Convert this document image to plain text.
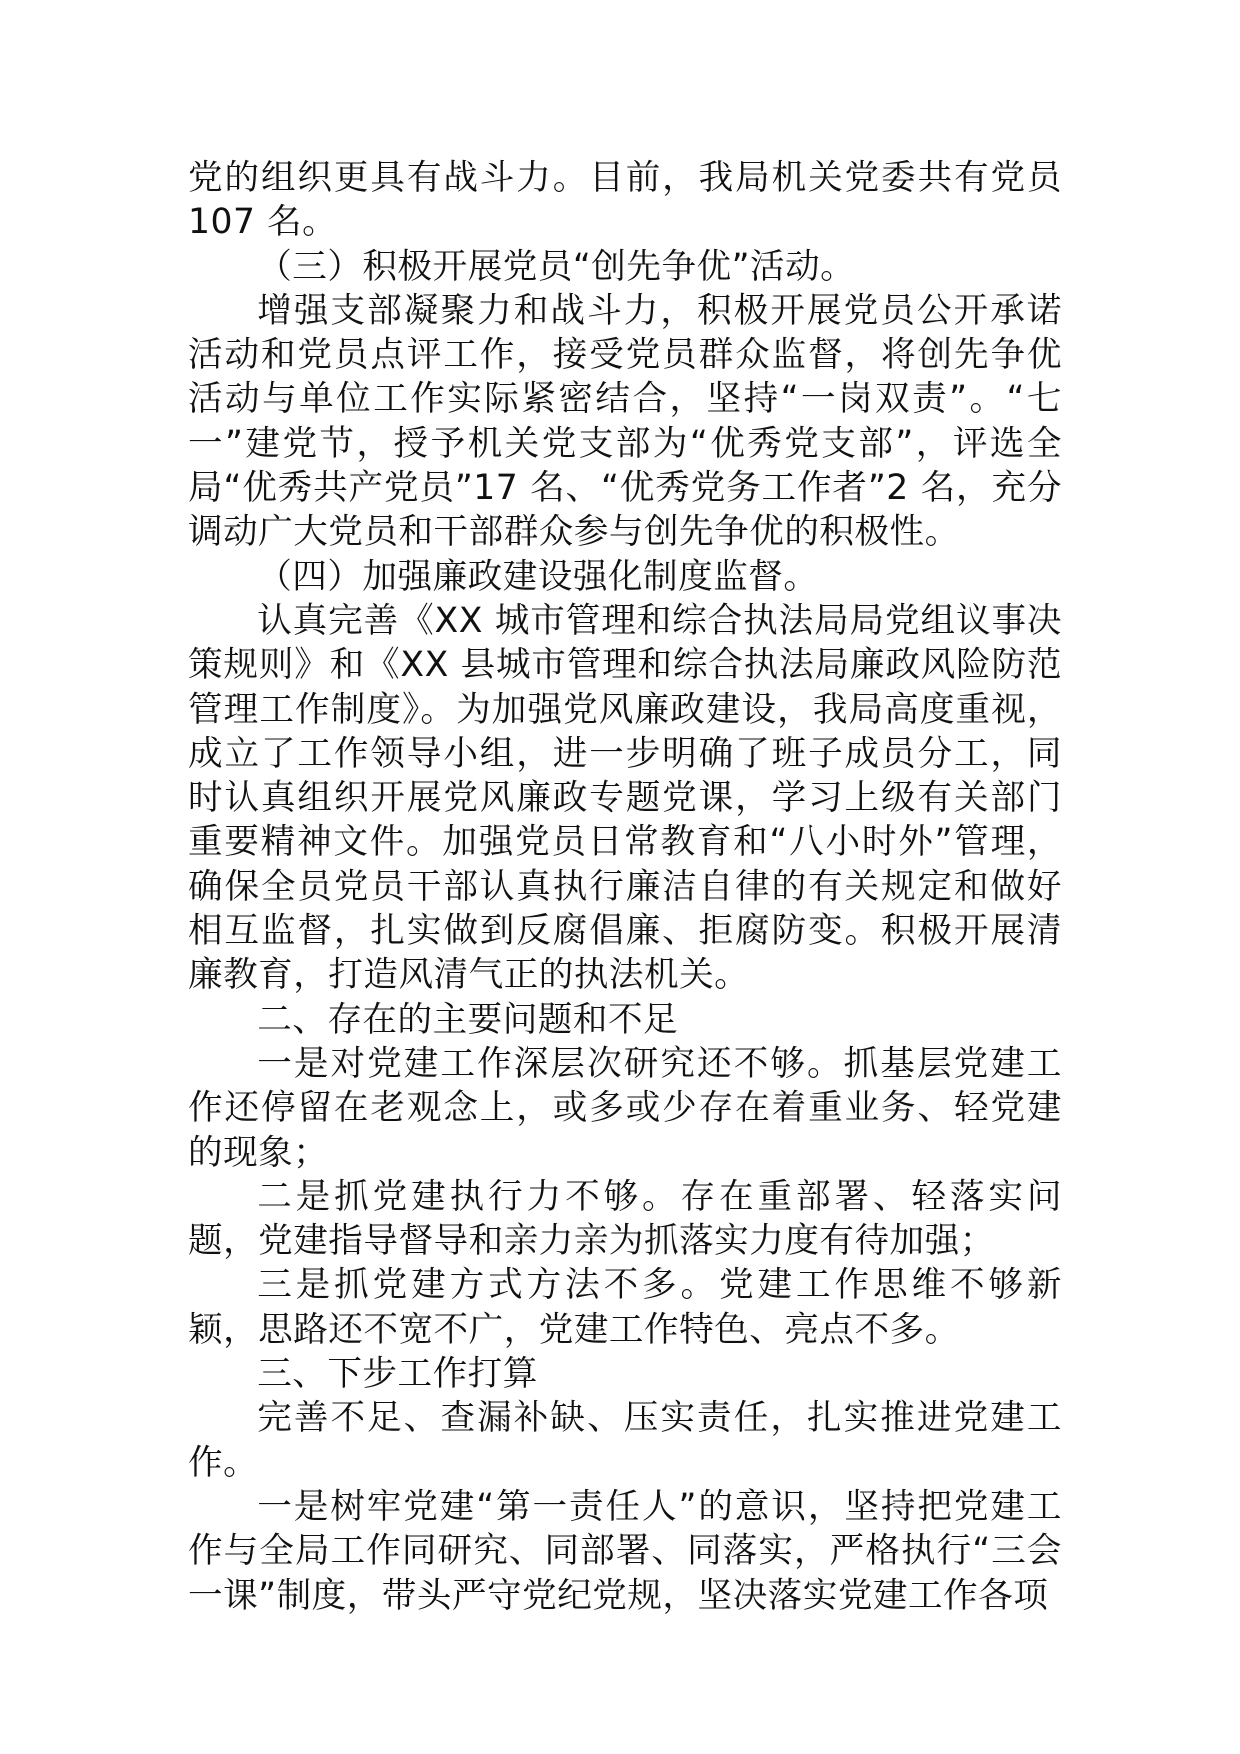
党的组织更具有战斗力。目前，我局机关党委共有党员 107 名。

（三）积极开展党员“创先争优”活动。

增强支部凝聚力和战斗力，积极开展党员公开承诺活动和党员点评工作，接受党员群众监督，将创先争优活动与单位工作实际紧密结合，坚持“一岗双责”。“七一”建党节，授予机关党支部为“优秀党支部”，评选全局“优秀共产党员”17 名、“优秀党务工作者”2 名，充分调动广大党员和干部群众参与创先争优的积极性。

（四）加强廉政建设强化制度监督。

认真完善《XX 城市管理和综合执法局局党组议事决策规则》和《XX 县城市管理和综合执法局廉政风险防范管理工作制度》。为加强党风廉政建设，我局高度重视，成立了工作领导小组，进一步明确了班子成员分工，同时认真组织开展党风廉政专题党课，学习上级有关部门重要精神文件。加强党员日常教育和“八小时外”管理，确保全员党员干部认真执行廉洁自律的有关规定和做好相互监督，扎实做到反腐倡廉、拒腐防变。积极开展清廉教育，打造风清气正的执法机关。

二、存在的主要问题和不足

一是对党建工作深层次研究还不够。抓基层党建工作还停留在老观念上，或多或少存在着重业务、轻党建的现象；

二是抓党建执行力不够。存在重部署、轻落实问题，党建指导督导和亲力亲为抓落实力度有待加强；

三是抓党建方式方法不多。党建工作思维不够新颖，思路还不宽不广，党建工作特色、亮点不多。

三、下步工作打算

完善不足、查漏补缺、压实责任，扎实推进党建工作。

一是树牢党建“第一责任人”的意识，坚持把党建工作与全局工作同研究、同部署、同落实，严格执行“三会一课”制度，带头严守党纪党规，坚决落实党建工作各项
